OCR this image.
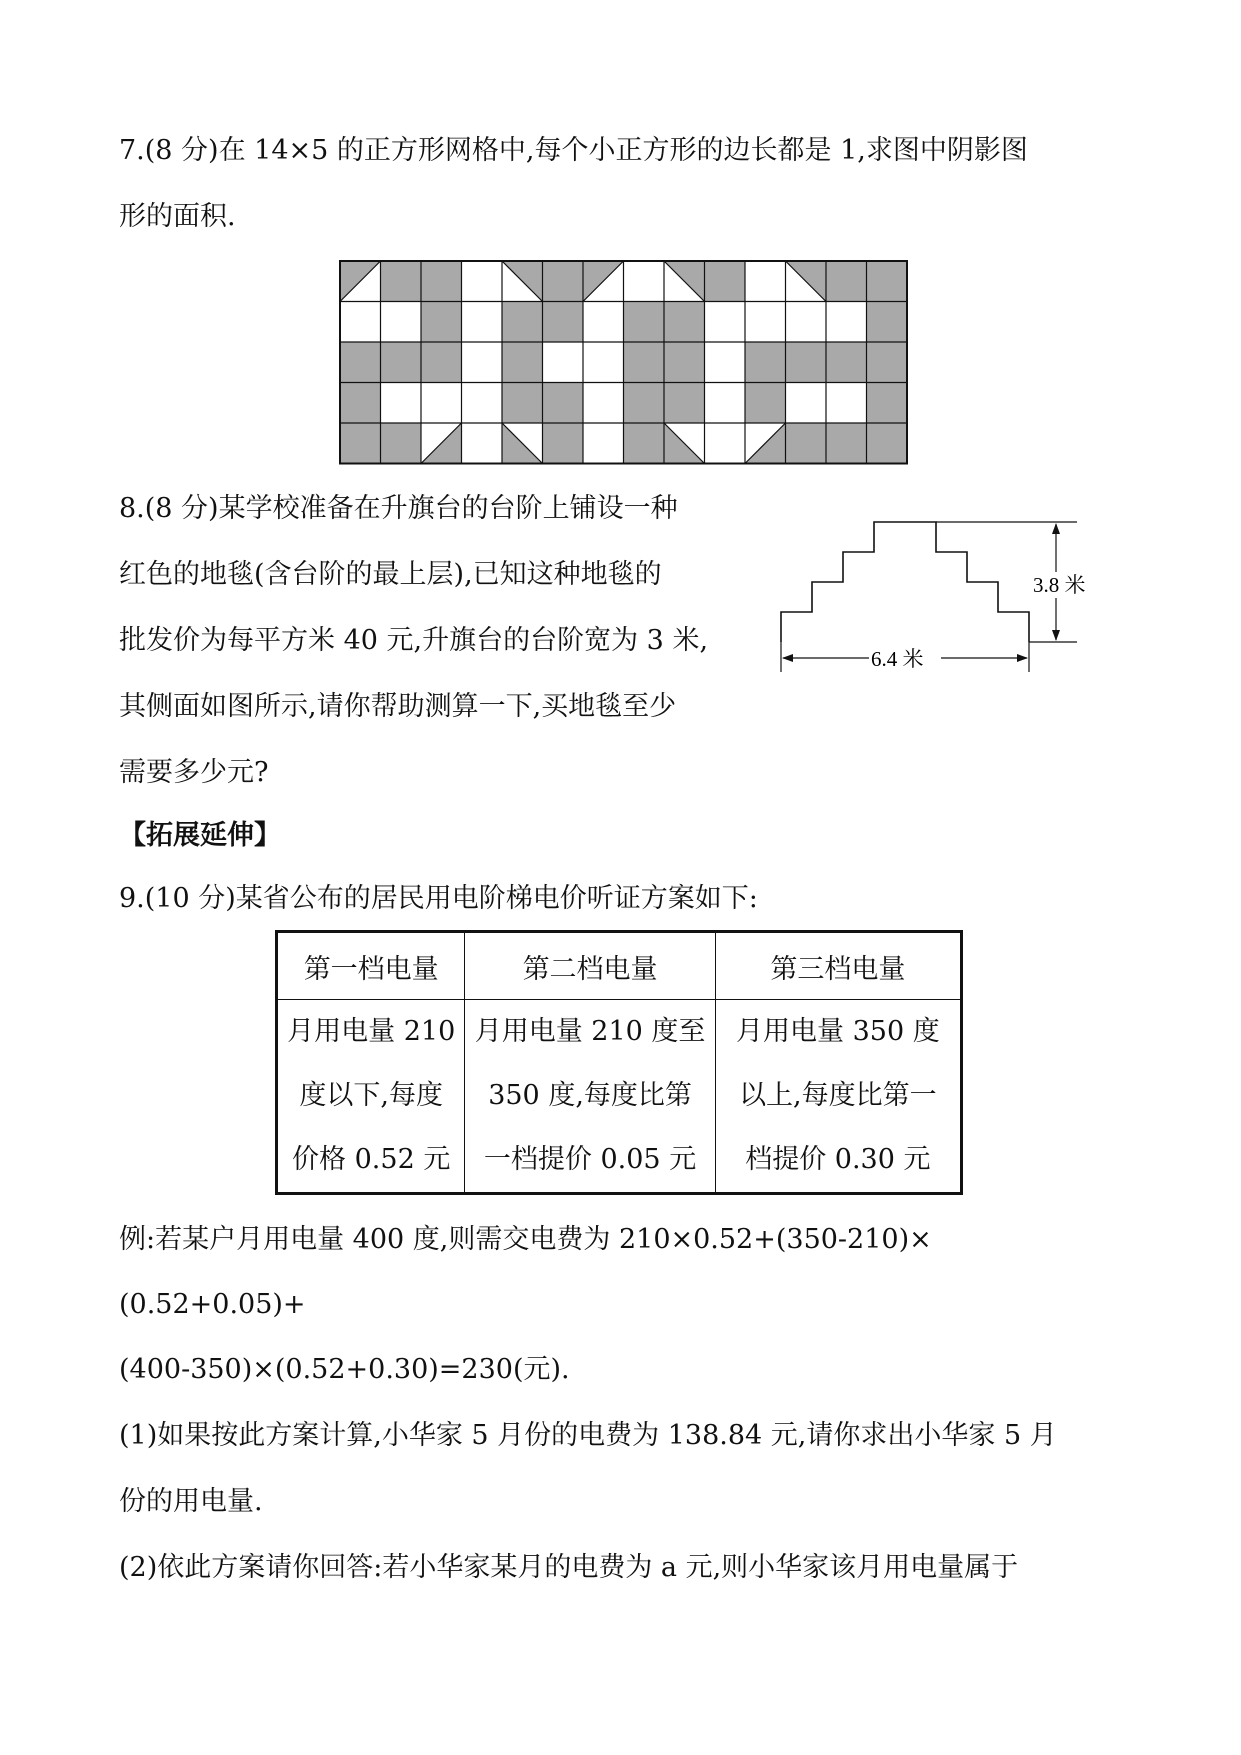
7.(8 分)在 14×5 的正方形网格中,每个小正方形的边长都是 1,求图中阴影图
形的面积.
8.(8 分)某学校准备在升旗台的台阶上铺设一种
红色的地毯(含台阶的最上层),已知这种地毯的
批发价为每平方米 40 元,升旗台的台阶宽为 3 米,
其侧面如图所示,请你帮助测算一下,买地毯至少
需要多少元?
3.8 米
6.4 米
【拓展延伸】
9.(10 分)某省公布的居民用电阶梯电价听证方案如下:
第一档电量	第二档电量	第三档电量

月用电量 210
度以下,每度
价格 0.52 元	月用电量 210 度至
350 度,每度比第
一档提价 0.05 元	月用电量 350 度
以上,每度比第一
档提价 0.30 元
例:若某户月用电量 400 度,则需交电费为 210×0.52+(350-210)×
(0.52+0.05)+
(400-350)×(0.52+0.30)=230(元).
(1)如果按此方案计算,小华家 5 月份的电费为 138.84 元,请你求出小华家 5 月
份的用电量.
(2)依此方案请你回答:若小华家某月的电费为 a 元,则小华家该月用电量属于
